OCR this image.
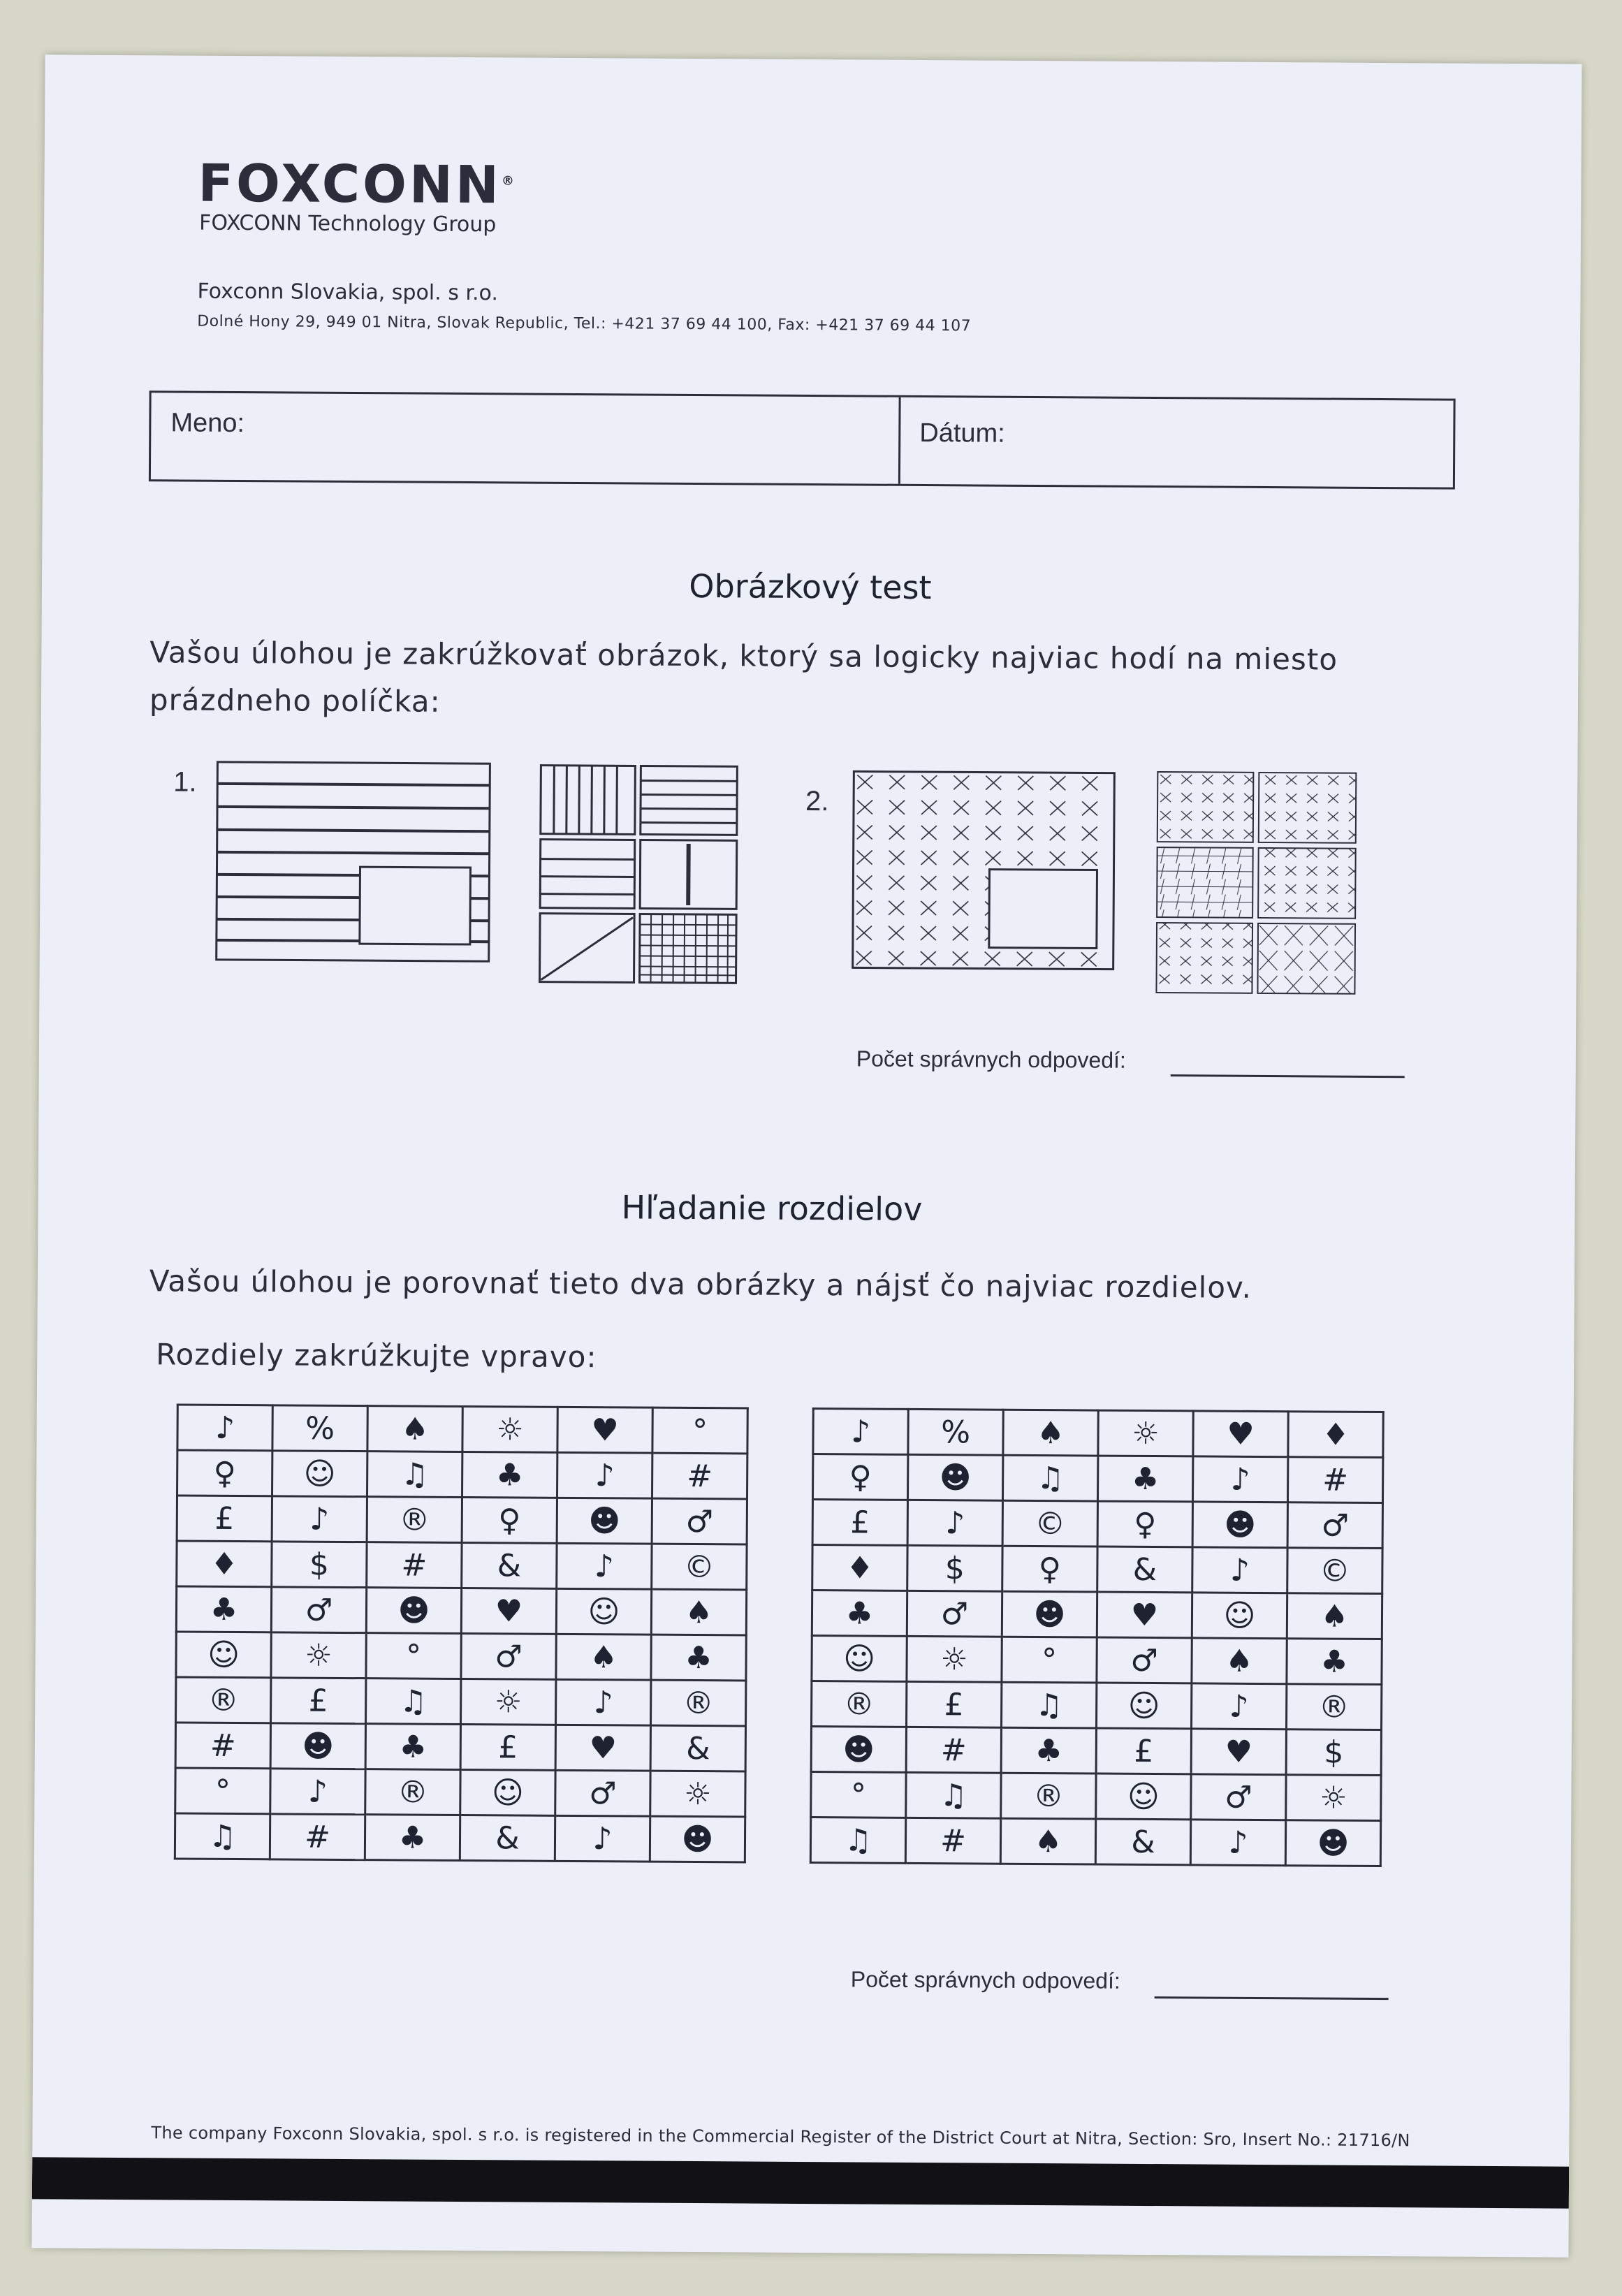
FOXCONN®
FOXCONN Technology Group
Foxconn Slovakia, spol. s r.o.
Dolné Hony 29, 949 01 Nitra, Slovak Republic, Tel.: +421 37 69 44 100, Fax: +421 37 69 44 107
Meno:	Dátum:
Obrázkový test
Vašou úlohou je zakrúžkovať obrázok, ktorý sa logicky najviac hodí na miesto
prázdneho políčka:
1.
2.
Počet správnych odpovedí:
Hľadanie rozdielov
Vašou úlohou je porovnať tieto dva obrázky a nájsť čo najviac rozdielov.
Rozdiely zakrúžkujte vpravo:
♪	%	♠	☼	♥	°
♀	☺	♫	♣	♪	#
£	♪	®	♀	☻	♂
♦	$	#	&	♪	©
♣	♂	☻	♥	☺	♠
☺	☼	°	♂	♠	♣
®	£	♫	☼	♪	®
#	☻	♣	£	♥	&
°	♪	®	☺	♂	☼
♫	#	♣	&	♪	☻
♪	%	♠	☼	♥	♦
♀	☻	♫	♣	♪	#
£	♪	©	♀	☻	♂
♦	$	♀	&	♪	©
♣	♂	☻	♥	☺	♠
☺	☼	°	♂	♠	♣
®	£	♫	☺	♪	®
☻	#	♣	£	♥	$
°	♫	®	☺	♂	☼
♫	#	♠	&	♪	☻
Počet správnych odpovedí:
The company Foxconn Slovakia, spol. s r.o. is registered in the Commercial Register of the District Court at Nitra, Section: Sro, Insert No.: 21716/N
